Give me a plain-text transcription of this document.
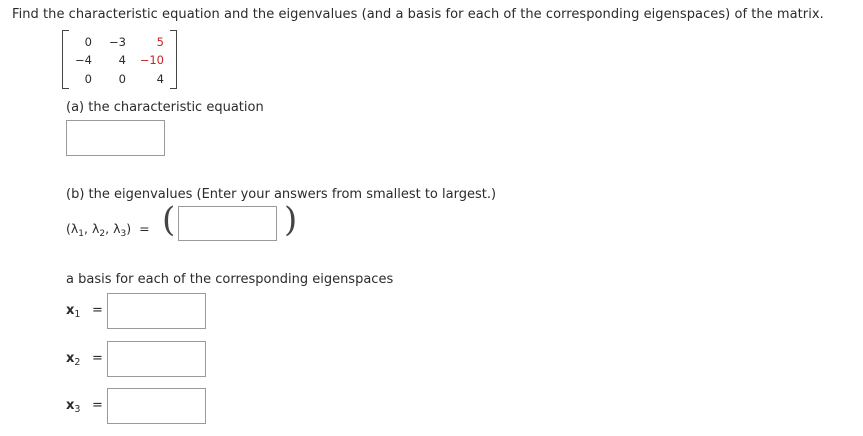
Find the characteristic equation and the eigenvalues (and a basis for each of the corresponding eigenspaces) of the matrix.
0	−3	5
−4	4 −10
0	0	4
(a) the characteristic equation
(b) the eigenvalues (Enter your answers from smallest to largest.)
($\lambda_1$, $\lambda_2$, $\lambda_3$) = (	)
a basis for each of the corresponding eigenspaces
$x_1$ =
$x_2$ =
$x_3$ =
